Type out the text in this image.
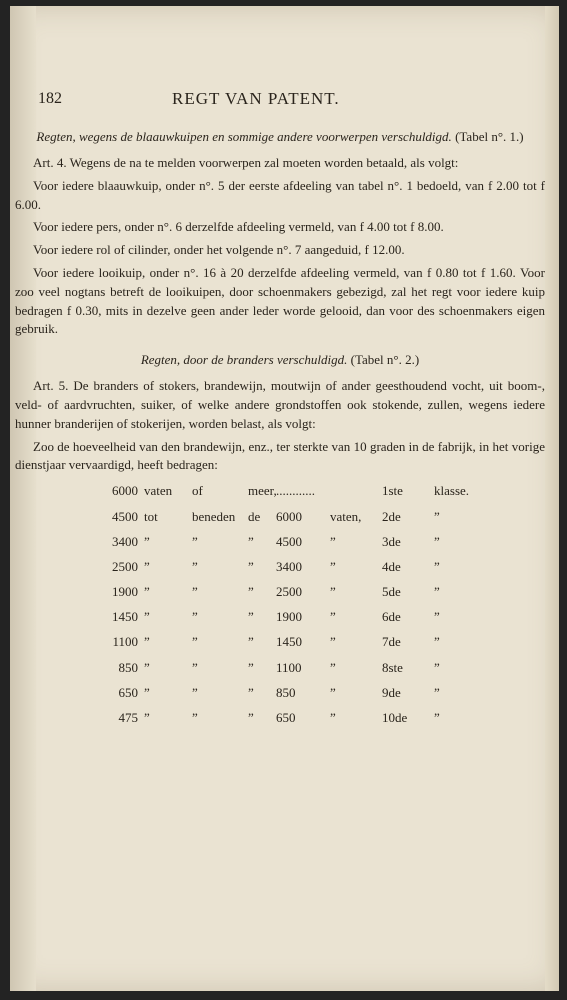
182	REGT VAN PATENT.
Regten, wegens de blaauwkuipen en sommige andere voorwerpen verschuldigd. (Tabel n°. 1.)

Art. 4. Wegens de na te melden voorwerpen zal moeten worden betaald, als volgt:

Voor iedere blaauwkuip, onder n°. 5 der eerste afdeeling van tabel n°. 1 bedoeld, van f 2.00 tot f 6.00.

Voor iedere pers, onder n°. 6 derzelfde afdeeling vermeld, van f 4.00 tot f 8.00.

Voor iedere rol of cilinder, onder het volgende n°. 7 aangeduid, f 12.00.

Voor iedere looikuip, onder n°. 16 à 20 derzelfde afdeeling vermeld, van f 0.80 tot f 1.60. Voor zoo veel nogtans betreft de looikuipen, door schoenmakers gebezigd, zal het regt voor iedere kuip bedragen f 0.30, mits in dezelve geen ander leder worde gelooid, dan voor des schoenmakers eigen gebruik.

Regten, door de branders verschuldigd. (Tabel n°. 2.)

Art. 5. De branders of stokers, brandewijn, moutwijn of ander geesthoudend vocht, uit boom-, veld- of aardvruchten, suiker, of welke andere grondstoffen ook stokende, zullen, wegens iedere hunner branderijen of stokerijen, worden belast, als volgt:

Zoo de hoeveelheid van den brandewijn, enz., ter sterkte van 10 graden in de fabrijk, in het vorige dienstjaar vervaardigd, heeft bedragen:

6000 vaten	of	meer, ............	1ste	klasse.
4500 tot	beneden de	6000	vaten,	2de	”
3400 ”	”	”	4500	”	3de	”
2500 ”	”	”	3400	”	4de	”
1900 ”	”	”	2500	”	5de	”
1450 ”	”	”	1900	”	6de	”
1100 ”	”	”	1450	”	7de	”
850 ”	”	”	1100	”	8ste	”
650 ”	”	”	850	”	9de	”
475 ”	”	”	650	”	10de	”
